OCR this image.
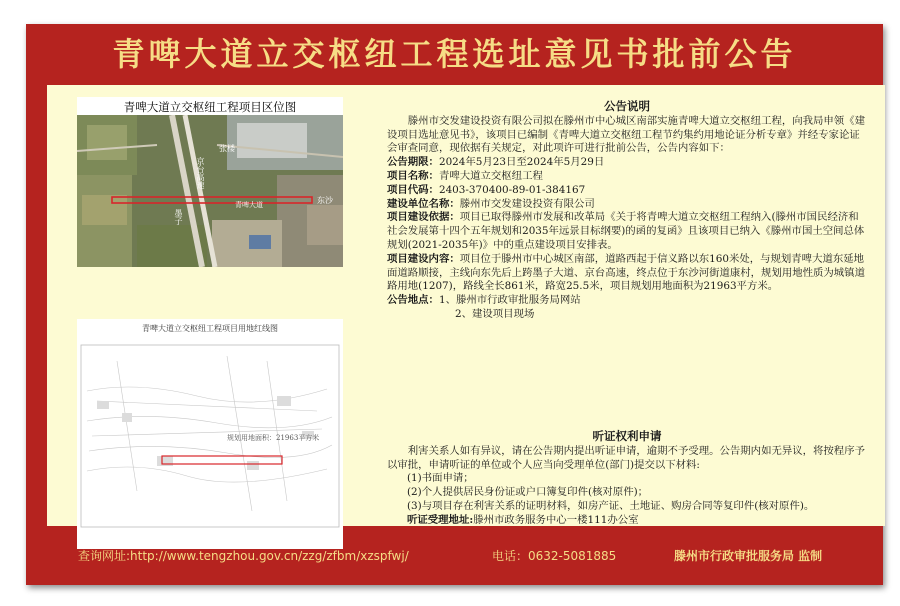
青啤大道立交枢纽工程选址意见书批前公告
青啤大道立交枢纽工程项目区位图
张楼
青啤大道
京台高速
墨子
东沙
青啤大道立交枢纽工程项目用地红线图
规划用地面积：21963平方米
公告说明

滕州市交发建设投资有限公司拟在滕州市中心城区南部实施青啤大道立交枢纽工程，向我局申领《建设项目选址意见书》，该项目已编制《青啤大道立交枢纽工程节约集约用地论证分析专章》并经专家论证会审查同意，现依据有关规定，对此项许可进行批前公告，公告内容如下：

公告期限：2024年5月23日至2024年5月29日

项目名称：青啤大道立交枢纽工程

项目代码：2403-370400-89-01-384167

建设单位名称：滕州市交发建设投资有限公司

项目建设依据：项目已取得滕州市发展和改革局《关于将青啤大道立交枢纽工程纳入(滕州市国民经济和社会发展第十四个五年规划和2035年远景目标纲要)的函的复函》且该项目已纳入《滕州市国土空间总体规划(2021-2035年)》中的重点建设项目安排表。

项目建设内容：项目位于滕州市中心城区南部，道路西起于信义路以东160米处，与规划青啤大道东延地面道路顺接，主线向东先后上跨墨子大道、京台高速，终点位于东沙河街道康村，规划用地性质为城镇道路用地(1207)，路线全长861米，路宽25.5米，项目规划用地面积为21963平方米。

公告地点：1、滕州市行政审批服务局网站

2、建设项目现场

听证权利申请

利害关系人如有异议，请在公告期内提出听证申请，逾期不予受理。公告期内如无异议，将按程序予以审批，申请听证的单位或个人应当向受理单位(部门)提交以下材料:

(1)书面申请；

(2)个人提供居民身份证或户口簿复印件(核对原件)；

(3)与项目存在利害关系的证明材料，如房产证、土地证、购房合同等复印件(核对原件)。

听证受理地址:滕州市政务服务中心一楼111办公室

查询网址:http://www.tengzhou.gov.cn/zzg/zfbm/xzspfwj/	电话：0632-5081885	滕州市行政审批服务局 监制
